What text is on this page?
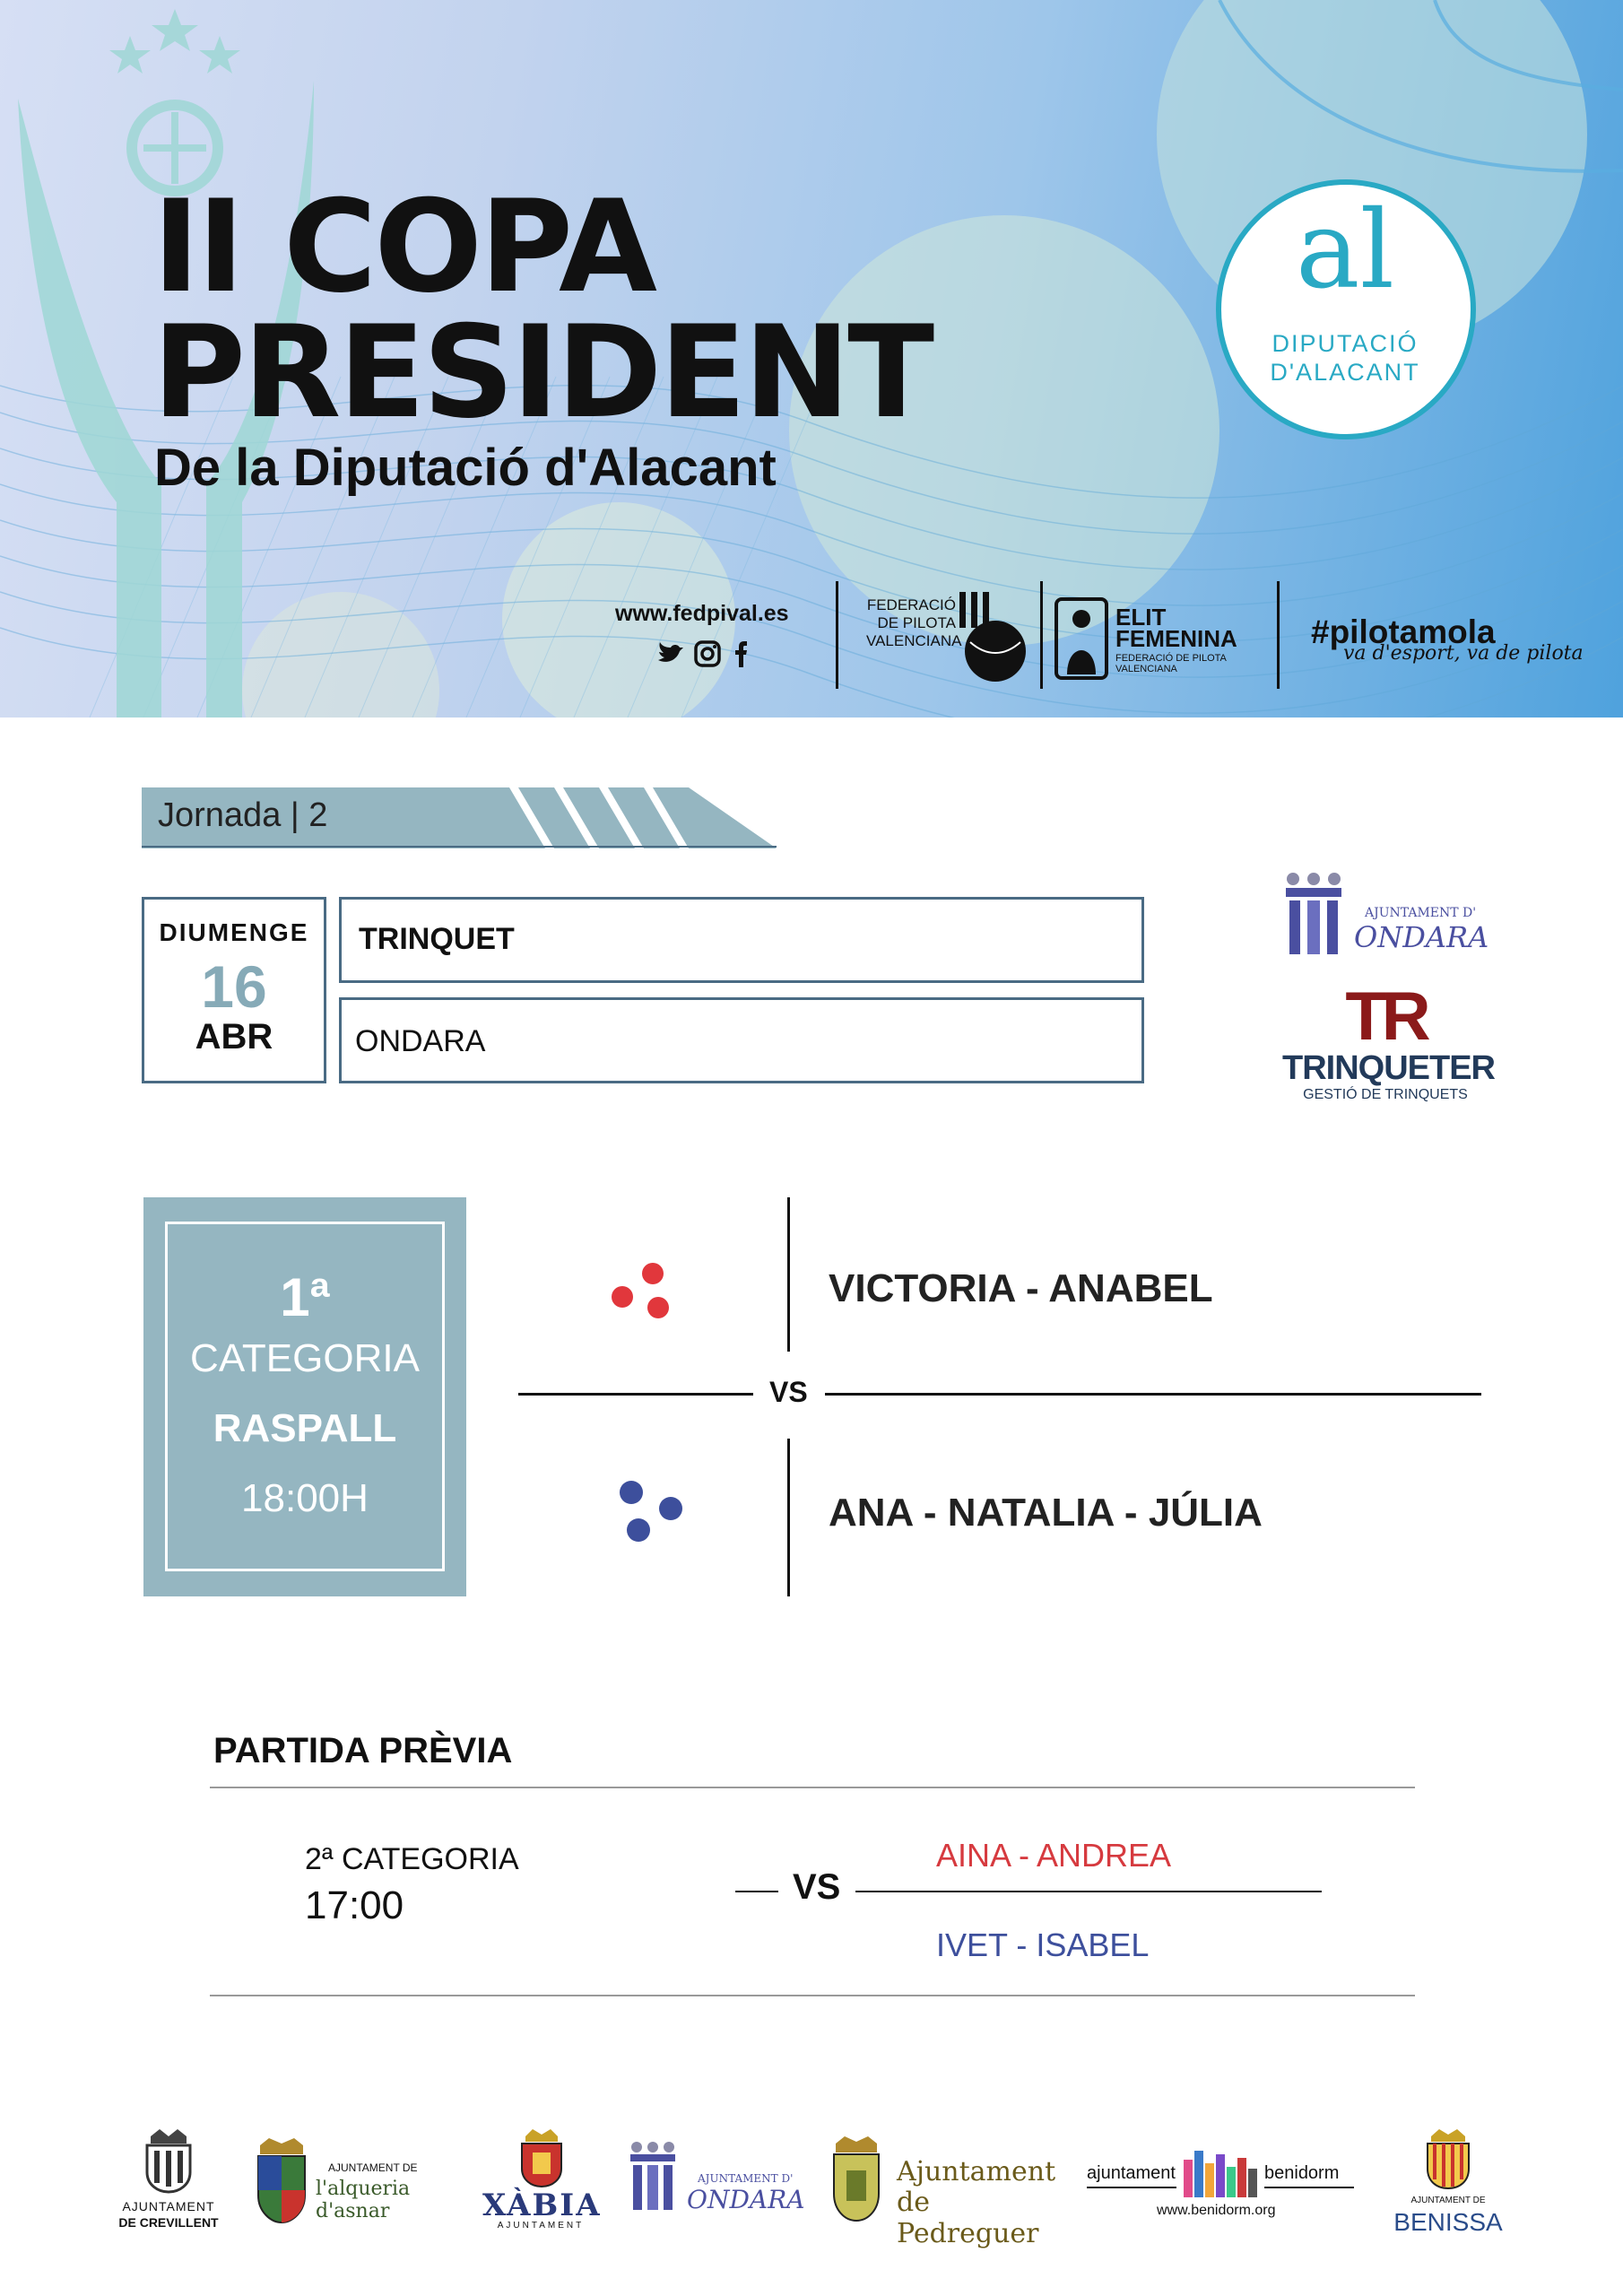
II COPA
PRESIDENT
De la Diputació d'Alacant
al
DIPUTACIÓ
D'ALACANT
www.fedpival.es	FEDERACIÓ DE PILOTA VALENCIANA
ELIT
FEMENINA
FEDERACIÓ DE PILOTA VALENCIANA
#pilotamola
va d'esport, va de pilota
Jornada | 2
DIUMENGE
16
ABR
TRINQUET
ONDARA
AJUNTAMENT D'
ONDARA
TR
TRINQUETER
GESTIÓ DE TRINQUETS
1ª
CATEGORIA
RASPALL
18:00H
VS
VICTORIA - ANABEL
ANA - NATALIA - JÚLIA
PARTIDA PRÈVIA
2ª CATEGORIA
17:00	VS
AINA - ANDREA
IVET - ISABEL
AJUNTAMENT
DE CREVILLENT
AJUNTAMENT DE
l'alqueria d'asnar	XÀBIA
AJUNTAMENT
AJUNTAMENT D'
ONDARA
Ajuntament
de Pedreguer
ajuntament	benidorm
www.benidorm.org
AJUNTAMENT DE
BENISSA
